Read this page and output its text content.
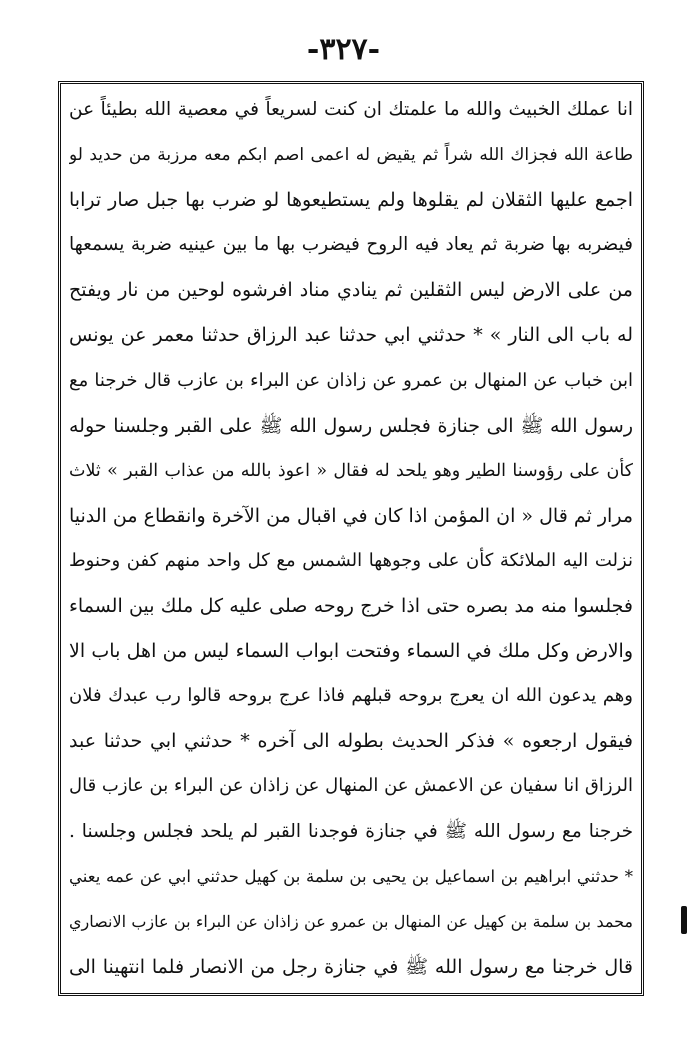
-٣٢٧-
انا عملك الخبيث والله ما علمتك ان كنت لسريعاً في معصية الله بطيئاً عن
طاعة الله فجزاك الله شراً ثم يقيض له اعمى اصم ابكم معه مرزبة من حديد لو
اجمع عليها الثقلان لم يقلوها ولم يستطيعوها لو ضرب بها جبل صار ترابا
فيضربه بها ضربة ثم يعاد فيه الروح فيضرب بها ما بين عينيه ضربة يسمعها
من على الارض ليس الثقلين ثم ينادي مناد افرشوه لوحين من نار ويفتح
له باب الى النار » * حدثني ابي حدثنا عبد الرزاق حدثنا معمر عن يونس
ابن خباب عن المنهال بن عمرو عن زاذان عن البراء بن عازب قال خرجنا مع
رسول الله ﷺ الى جنازة فجلس رسول الله ﷺ على القبر وجلسنا حوله
كأن على رؤوسنا الطير وهو يلحد له فقال « اعوذ بالله من عذاب القبر » ثلاث
مرار ثم قال « ان المؤمن اذا كان في اقبال من الآخرة وانقطاع من الدنيا
نزلت اليه الملائكة كأن على وجوهها الشمس مع كل واحد منهم كفن وحنوط
فجلسوا منه مد بصره حتى اذا خرج روحه صلى عليه كل ملك بين السماء
والارض وكل ملك في السماء وفتحت ابواب السماء ليس من اهل باب الا
وهم يدعون الله ان يعرج بروحه قبلهم فاذا عرج بروحه قالوا رب عبدك فلان
فيقول ارجعوه » فذكر الحديث بطوله الى آخره * حدثني ابي حدثنا عبد
الرزاق انا سفيان عن الاعمش عن المنهال عن زاذان عن البراء بن عازب قال
خرجنا مع رسول الله ﷺ في جنازة فوجدنا القبر لم يلحد فجلس وجلسنا .
* حدثني ابراهيم بن اسماعيل بن يحيى بن سلمة بن كهيل حدثني ابي عن عمه يعني
محمد بن سلمة بن كهيل عن المنهال بن عمرو عن زاذان عن البراء بن عازب الانصاري
قال خرجنا مع رسول الله ﷺ في جنازة رجل من الانصار فلما انتهينا الى
